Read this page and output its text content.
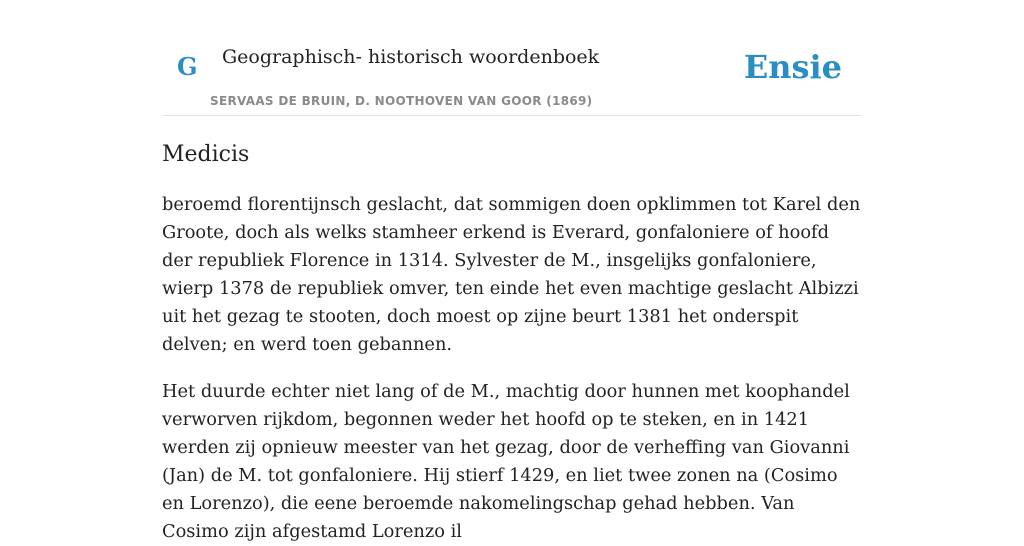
G Geographisch- historisch woordenboek
SERVAAS DE BRUIN, D. NOOTHOVEN VAN GOOR (1869)
Ensie
Medicis

beroemd florentijnsch geslacht, dat sommigen doen opklimmen tot Karel den Groote, doch als welks stamheer erkend is Everard, gonfaloniere of hoofd der republiek Florence in 1314. Sylvester de M., insgelijks gonfaloniere, wierp 1378 de republiek omver, ten einde het even machtige geslacht Albizzi uit het gezag te stooten, doch moest op zijne beurt 1381 het onderspit delven; en werd toen gebannen.

Het duurde echter niet lang of de M., machtig door hunnen met koophandel verworven rijkdom, begonnen weder het hoofd op te steken, en in 1421 werden zij opnieuw meester van het gezag, door de verheffing van Giovanni (Jan) de M. tot gonfaloniere. Hij stierf 1429, en liet twee zonen na (Cosimo en Lorenzo), die eene beroemde nakomelingschap gehad hebben. Van Cosimo zijn afgestamd Lorenzo il
